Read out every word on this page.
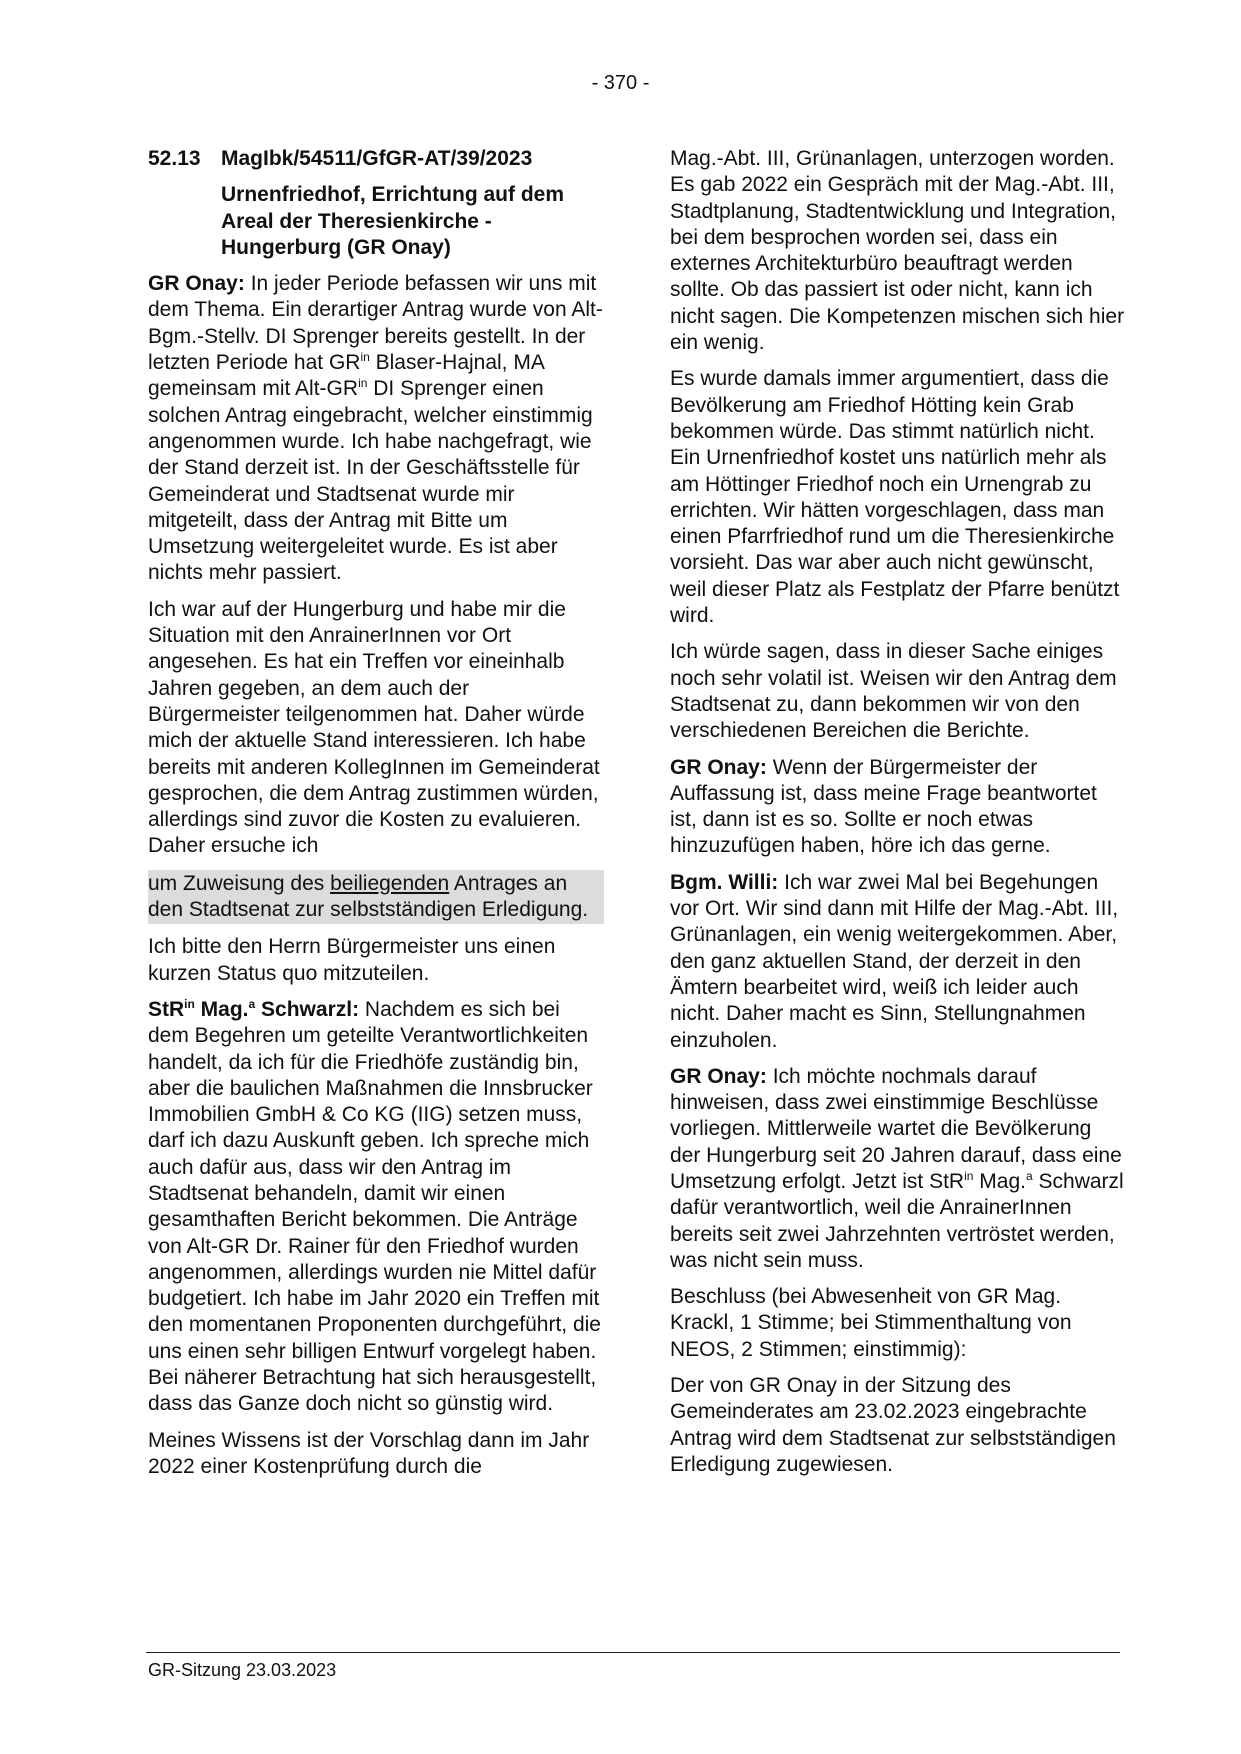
- 370 -
52.13 MagIbk/54511/GfGR-AT/39/2023
Urnenfriedhof, Errichtung auf dem Areal der Theresienkirche - Hungerburg (GR Onay)

GR Onay: In jeder Periode befassen wir uns mit dem Thema. Ein derartiger Antrag wurde von Alt-Bgm.-Stellv. DI Sprenger bereits gestellt. In der letzten Periode hat $GR^{in}$ Blaser-Hajnal, MA gemeinsam mit Alt-$GR^{in}$ DI Sprenger einen solchen Antrag eingebracht, welcher einstimmig angenommen wurde. Ich habe nachgefragt, wie der Stand derzeit ist. In der Geschäftsstelle für Gemeinderat und Stadtsenat wurde mir mitgeteilt, dass der Antrag mit Bitte um Umsetzung weitergeleitet wurde. Es ist aber nichts mehr passiert.

Ich war auf der Hungerburg und habe mir die Situation mit den AnrainerInnen vor Ort angesehen. Es hat ein Treffen vor eineinhalb Jahren gegeben, an dem auch der Bürgermeister teilgenommen hat. Daher würde mich der aktuelle Stand interessieren. Ich habe bereits mit anderen KollegInnen im Gemeinderat gesprochen, die dem Antrag zustimmen würden, allerdings sind zuvor die Kosten zu evaluieren. Daher ersuche ich

um Zuweisung des beiliegenden Antrages an den Stadtsenat zur selbstständigen Erledigung.

Ich bitte den Herrn Bürgermeister uns einen kurzen Status quo mitzuteilen.

StR$^{in}$ Mag.$^a$ Schwarzl: Nachdem es sich bei dem Begehren um geteilte Verantwortlichkeiten handelt, da ich für die Friedhöfe zuständig bin, aber die baulichen Maßnahmen die Innsbrucker Immobilien GmbH & Co KG (IIG) setzen muss, darf ich dazu Auskunft geben. Ich spreche mich auch dafür aus, dass wir den Antrag im Stadtsenat behandeln, damit wir einen gesamthaften Bericht bekommen. Die Anträge von Alt-GR Dr. Rainer für den Friedhof wurden angenommen, allerdings wurden nie Mittel dafür budgetiert. Ich habe im Jahr 2020 ein Treffen mit den momentanen Proponenten durchgeführt, die uns einen sehr billigen Entwurf vorgelegt haben. Bei näherer Betrachtung hat sich herausgestellt, dass das Ganze doch nicht so günstig wird.

Meines Wissens ist der Vorschlag dann im Jahr 2022 einer Kostenprüfung durch die

Mag.-Abt. III, Grünanlagen, unterzogen worden. Es gab 2022 ein Gespräch mit der Mag.-Abt. III, Stadtplanung, Stadtentwicklung und Integration, bei dem besprochen worden sei, dass ein externes Architekturbüro beauftragt werden sollte. Ob das passiert ist oder nicht, kann ich nicht sagen. Die Kompetenzen mischen sich hier ein wenig.

Es wurde damals immer argumentiert, dass die Bevölkerung am Friedhof Hötting kein Grab bekommen würde. Das stimmt natürlich nicht. Ein Urnenfriedhof kostet uns natürlich mehr als am Höttinger Friedhof noch ein Urnengrab zu errichten. Wir hätten vorgeschlagen, dass man einen Pfarrfriedhof rund um die Theresienkirche vorsieht. Das war aber auch nicht gewünscht, weil dieser Platz als Festplatz der Pfarre benützt wird.

Ich würde sagen, dass in dieser Sache einiges noch sehr volatil ist. Weisen wir den Antrag dem Stadtsenat zu, dann bekommen wir von den verschiedenen Bereichen die Berichte.

GR Onay: Wenn der Bürgermeister der Auffassung ist, dass meine Frage beantwortet ist, dann ist es so. Sollte er noch etwas hinzuzufügen haben, höre ich das gerne.

Bgm. Willi: Ich war zwei Mal bei Begehungen vor Ort. Wir sind dann mit Hilfe der Mag.-Abt. III, Grünanlagen, ein wenig weitergekommen. Aber, den ganz aktuellen Stand, der derzeit in den Ämtern bearbeitet wird, weiß ich leider auch nicht. Daher macht es Sinn, Stellungnahmen einzuholen.

GR Onay: Ich möchte nochmals darauf hinweisen, dass zwei einstimmige Beschlüsse vorliegen. Mittlerweile wartet die Bevölkerung der Hungerburg seit 20 Jahren darauf, dass eine Umsetzung erfolgt. Jetzt ist StR$^{in}$ Mag.$^a$ Schwarzl dafür verantwortlich, weil die AnrainerInnen bereits seit zwei Jahrzehnten vertröstet werden, was nicht sein muss.

Beschluss (bei Abwesenheit von GR Mag. Krackl, 1 Stimme; bei Stimmenthaltung von NEOS, 2 Stimmen; einstimmig):

Der von GR Onay in der Sitzung des Gemeinderates am 23.02.2023 eingebrachte Antrag wird dem Stadtsenat zur selbstständigen Erledigung zugewiesen.

GR-Sitzung 23.03.2023
